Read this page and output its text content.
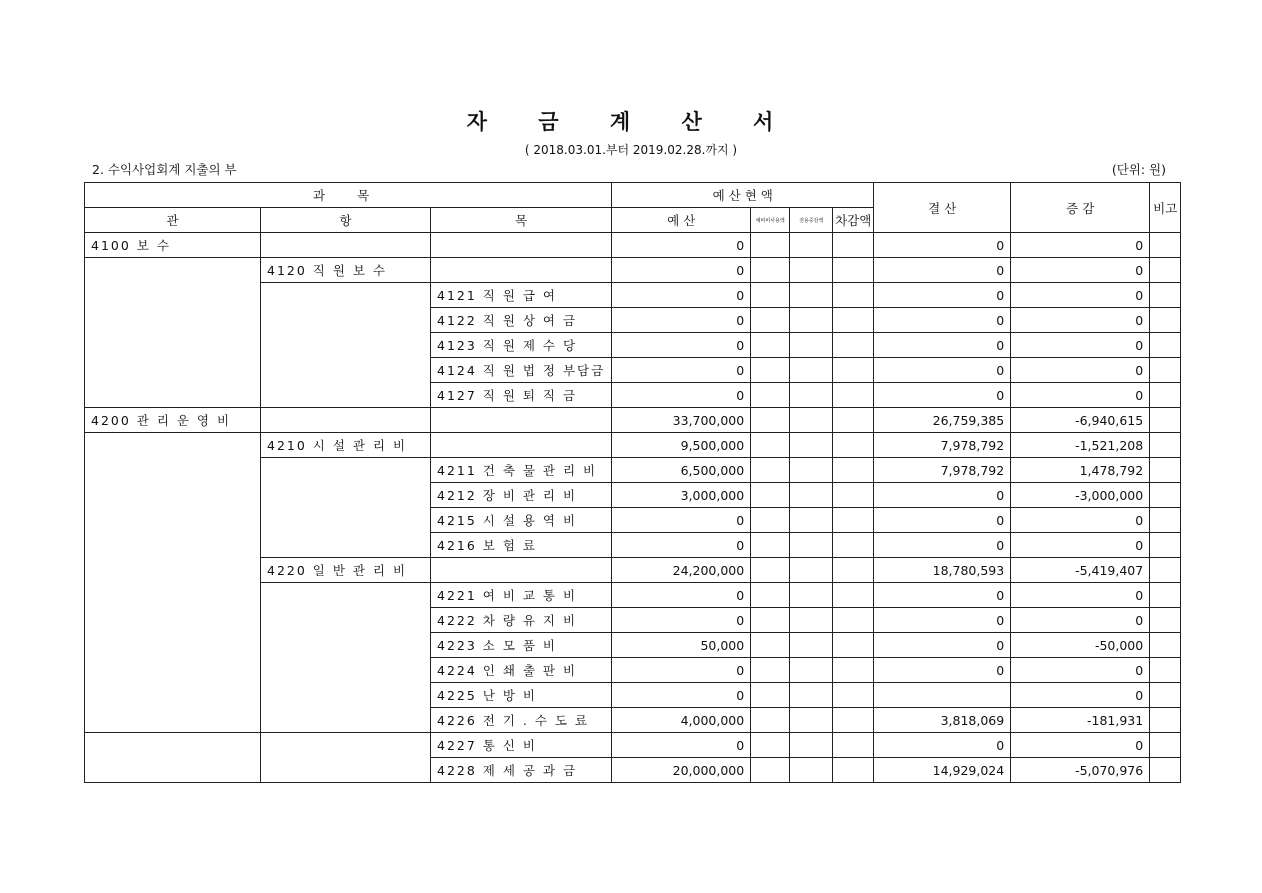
자 금 계 산 서
( 2018.03.01.부터 2019.02.28.까지 )
2. 수익사업회계 지출의 부	(단위: 원)
과 목			예 산 현 액				결 산	증 감	비고
관	항	목	예 산	예비비사용액	전용증감액	차감액			
4100 보 수			0				0	0	
	4120 직 원 보 수		0				0	0	
		4121 직 원 급 여	0				0	0	
		4122 직 원 상 여 금	0				0	0	
		4123 직 원 제 수 당	0				0	0	
		4124 직 원 법 정 부담금	0				0	0	
		4127 직 원 퇴 직 금	0				0	0	
4200 관 리 운 영 비			33,700,000				26,759,385	-6,940,615	
	4210 시 설 관 리 비		9,500,000				7,978,792	-1,521,208	
		4211 건 축 물 관 리 비	6,500,000				7,978,792	1,478,792	
		4212 장 비 관 리 비	3,000,000				0	-3,000,000	
		4215 시 설 용 역 비	0				0	0	
		4216 보 험 료	0				0	0	
	4220 일 반 관 리 비		24,200,000				18,780,593	-5,419,407	
		4221 여 비 교 통 비	0				0	0	
		4222 차 량 유 지 비	0				0	0	
		4223 소 모 품 비	50,000				0	-50,000	
		4224 인 쇄 출 판 비	0				0	0	
		4225 난 방 비	0					0	
		4226 전 기 . 수 도 료	4,000,000				3,818,069	-181,931	
		4227 통 신 비	0				0	0	
		4228 제 세 공 과 금	20,000,000				14,929,024	-5,070,976	
